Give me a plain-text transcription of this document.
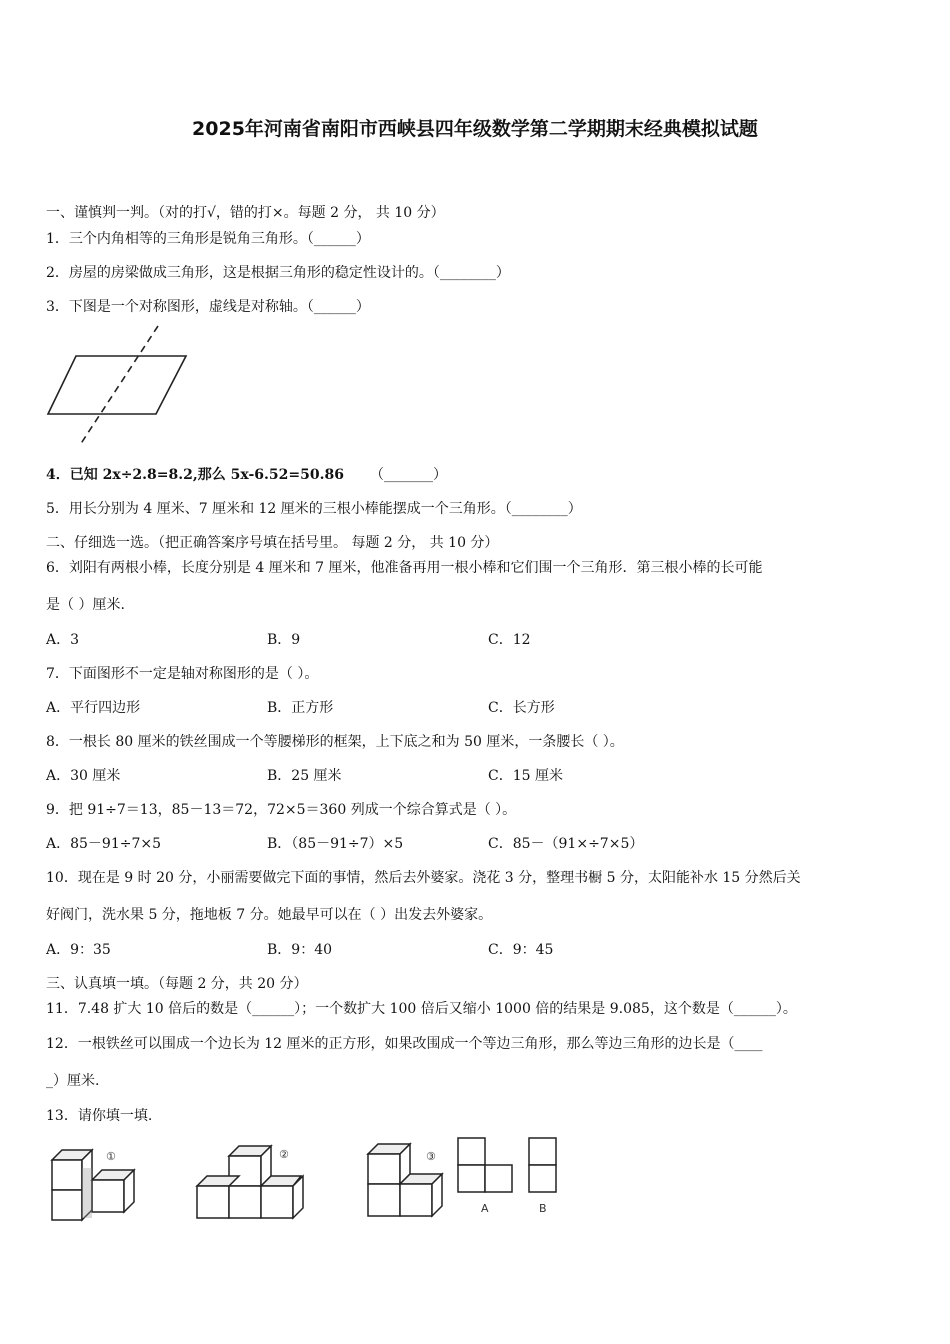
2025年河南省南阳市西峡县四年级数学第二学期期末经典模拟试题
一、谨慎判一判。（对的打√，错的打×。每题 2 分， 共 10 分）
1．三个内角相等的三角形是锐角三角形。（______）
2．房屋的房梁做成三角形，这是根据三角形的稳定性设计的。（________）
3．下图是一个对称图形，虚线是对称轴。（______）
4．已知 2x÷2.8=8.2,那么 5x-6.52=50.86 （_______）
5．用长分别为 4 厘米、7 厘米和 12 厘米的三根小棒能摆成一个三角形。（________）
二、仔细选一选。（把正确答案序号填在括号里。 每题 2 分， 共 10 分）
6．刘阳有两根小棒，长度分别是 4 厘米和 7 厘米，他准备再用一根小棒和它们围一个三角形．第三根小棒的长可能
是（ ）厘米.
A．3	B．9	C．12
7．下面图形不一定是轴对称图形的是（ ）。
A．平行四边形	B．正方形	C．长方形
8．一根长 80 厘米的铁丝围成一个等腰梯形的框架，上下底之和为 50 厘米，一条腰长（ ）。
A．30 厘米	B．25 厘米	C．15 厘米
9．把 91÷7＝13，85－13＝72，72×5＝360 列成一个综合算式是（ ）。
A．85－91÷7×5	B．（85－91÷7）×5	C．85－（91×÷7×5）
10．现在是 9 时 20 分，小丽需要做完下面的事情，然后去外婆家。浇花 3 分，整理书橱 5 分，太阳能补水 15 分然后关
好阀门，洗水果 5 分，拖地板 7 分。她最早可以在（ ）出发去外婆家。
A．9：35	B．9：40	C．9：45
三、认真填一填。（每题 2 分，共 20 分）
11．7.48 扩大 10 倍后的数是（______）；一个数扩大 100 倍后又缩小 1000 倍的结果是 9.085，这个数是（______）。
12．一根铁丝可以围成一个边长为 12 厘米的正方形，如果改围成一个等边三角形，那么等边三角形的边长是（____
_）厘米.
13．请你填一填.
①	②	③
A	B
